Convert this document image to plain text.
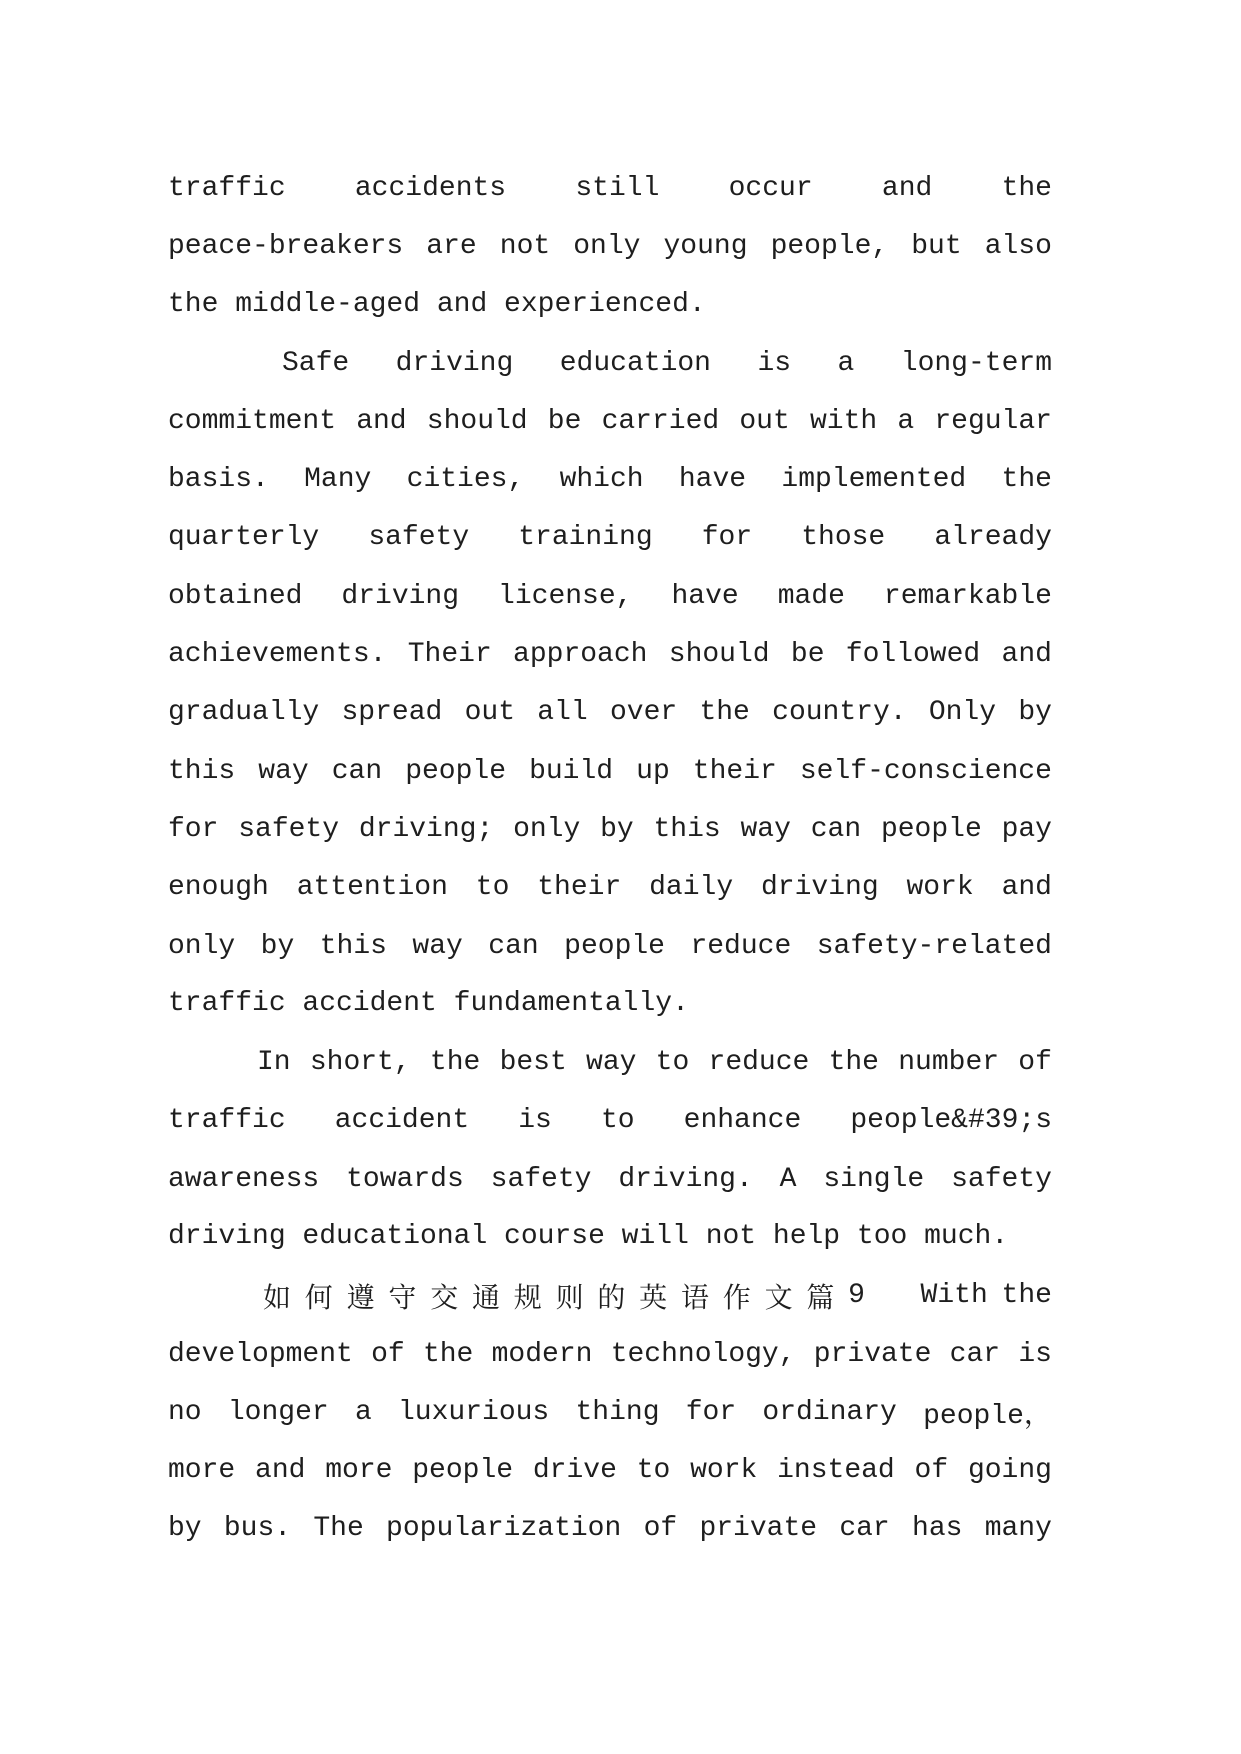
traffic accidents still occur and the
peace-breakers are not only young people, but also
the middle-aged and experienced.
Safe driving education is a long-term
commitment and should be carried out with a regular
basis. Many cities, which have implemented the
quarterly safety training for those already
obtained driving license, have made remarkable
achievements. Their approach should be followed and
gradually spread out all over the country. Only by
this way can people build up their self-conscience
for safety driving; only by this way can people pay
enough attention to their daily driving work and
only by this way can people reduce safety-related
traffic accident fundamentally.
In short, the best way to reduce the number of
traffic accident is to enhance people&#39;s
awareness towards safety driving. A single safety
driving educational course will not help too much.
如 何 遵 守 交 通 规 则 的 英 语 作 文 篇 9
　 With the
development of the modern technology, private car is
no longer a luxurious thing for ordinary people，
more and more people drive to work instead of going
by bus. The popularization of private car has many
